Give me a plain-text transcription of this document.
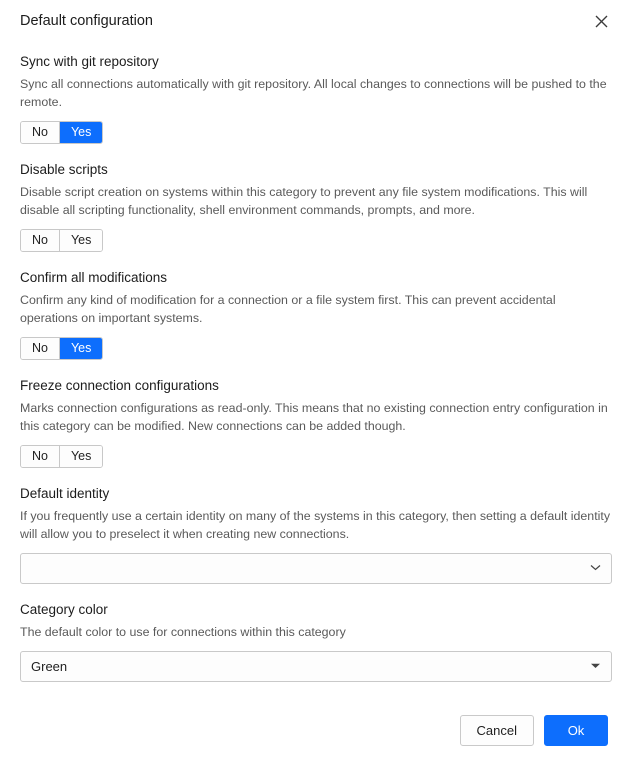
Default configuration
Sync with git repository
Sync all connections automatically with git repository. All local changes to connections will be pushed to the remote.
No	Yes
Disable scripts
Disable script creation on systems within this category to prevent any file system modifications. This will disable all scripting functionality, shell environment commands, prompts, and more.
No	Yes
Confirm all modifications
Confirm any kind of modification for a connection or a file system first. This can prevent accidental operations on important systems.
No	Yes
Freeze connection configurations
Marks connection configurations as read-only. This means that no existing connection entry configuration in this category can be modified. New connections can be added though.
No	Yes
Default identity
If you frequently use a certain identity on many of the systems in this category, then setting a default identity will allow you to preselect it when creating new connections.
Category color
The default color to use for connections within this category
Green
Cancel	Ok
